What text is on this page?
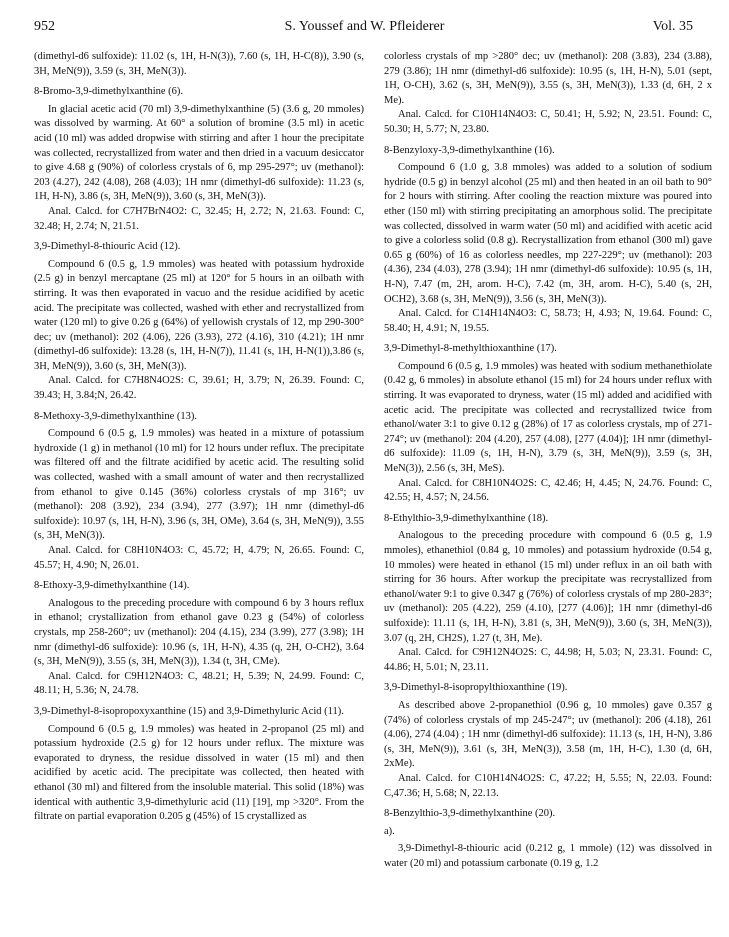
952	S. Youssef and W. Pfleiderer	Vol. 35

(dimethyl-d6 sulfoxide): 11.02 (s, 1H, H-N(3)), 7.60 (s, 1H, H-C(8)), 3.90 (s, 3H, MeN(9)), 3.59 (s, 3H, MeN(3)).

8-Bromo-3,9-dimethylxanthine (6).

In glacial acetic acid (70 ml) 3,9-dimethylxanthine (5) (3.6 g, 20 mmoles) was dissolved by warming. At 60° a solution of bromine (3.5 ml) in acetic acid (10 ml) was added dropwise with stirring and after 1 hour the precipitate was collected, recrystallized from water and then dried in a vacuum desiccator to give 4.68 g (90%) of colorless crystals of 6, mp 295-297°; uv (methanol): 203 (4.27), 242 (4.08), 268 (4.03); 1H nmr (dimethyl-d6 sulfoxide): 11.23 (s, 1H, H-N), 3.86 (s, 3H, MeN(9)), 3.60 (s, 3H, MeN(3)).

Anal. Calcd. for C7H7BrN4O2: C, 32.45; H, 2.72; N, 21.63. Found: C, 32.48; H, 2.74; N, 21.51.

3,9-Dimethyl-8-thiouric Acid (12).

Compound 6 (0.5 g, 1.9 mmoles) was heated with potassium hydroxide (2.5 g) in benzyl mercaptane (25 ml) at 120° for 5 hours in an oilbath with stirring. It was then evaporated in vacuo and the residue acidified by acetic acid. The precipitate was collected, washed with ether and recrystallized from water (120 ml) to give 0.26 g (64%) of yellowish crystals of 12, mp 290-300° dec; uv (methanol): 202 (4.06), 226 (3.93), 272 (4.16), 310 (4.21); 1H nmr (dimethyl-d6 sulfoxide): 13.28 (s, 1H, H-N(7)), 11.41 (s, 1H, H-N(1)),3.86 (s, 3H, MeN(9)), 3.60 (s, 3H, MeN(3)).

Anal. Calcd. for C7H8N4O2S: C, 39.61; H, 3.79; N, 26.39. Found: C, 39.43; H, 3.84;N, 26.42.

8-Methoxy-3,9-dimethylxanthine (13).

Compound 6 (0.5 g, 1.9 mmoles) was heated in a mixture of potassium hydroxide (1 g) in methanol (10 ml) for 12 hours under reflux. The precipitate was filtered off and the filtrate acidified by acetic acid. The resulting solid was collected, washed with a small amount of water and then recrystallized from ethanol to give 0.145 (36%) colorless crystals of mp 316°; uv (methanol): 208 (3.92), 234 (3.94), 277 (3.97); 1H nmr (dimethyl-d6 sulfoxide): 10.97 (s, 1H, H-N), 3.96 (s, 3H, OMe), 3.64 (s, 3H, MeN(9)), 3.55 (s, 3H, MeN(3)).

Anal. Calcd. for C8H10N4O3: C, 45.72; H, 4.79; N, 26.65. Found: C, 45.57; H, 4.90; N, 26.01.

8-Ethoxy-3,9-dimethylxanthine (14).

Analogous to the preceding procedure with compound 6 by 3 hours reflux in ethanol; crystallization from ethanol gave 0.23 g (54%) of colorless crystals, mp 258-260°; uv (methanol): 204 (4.15), 234 (3.99), 277 (3.98); 1H nmr (dimethyl-d6 sulfoxide): 10.96 (s, 1H, H-N), 4.35 (q, 2H, O-CH2), 3.64 (s, 3H, MeN(9)), 3.55 (s, 3H, MeN(3)), 1.34 (t, 3H, CMe).

Anal. Calcd. for C9H12N4O3: C, 48.21; H, 5.39; N, 24.99. Found: C, 48.11; H, 5.36; N, 24.78.

3,9-Dimethyl-8-isopropoxyxanthine (15) and 3,9-Dimethyluric Acid (11).

Compound 6 (0.5 g, 1.9 mmoles) was heated in 2-propanol (25 ml) and potassium hydroxide (2.5 g) for 12 hours under reflux. The mixture was evaporated to dryness, the residue dissolved in water (15 ml) and then acidified by acetic acid. The precipitate was collected, then heated with ethanol (30 ml) and filtered from the insoluble material. This solid (18%) was identical with authentic 3,9-dimethyluric acid (11) [19], mp >320°. From the filtrate on partial evaporation 0.205 g (45%) of 15 crystallized as

colorless crystals of mp >280° dec; uv (methanol): 208 (3.83), 234 (3.88), 279 (3.86); 1H nmr (dimethyl-d6 sulfoxide): 10.95 (s, 1H, H-N), 5.01 (sept, 1H, O-CH), 3.62 (s, 3H, MeN(9)), 3.55 (s, 3H, MeN(3)), 1.33 (d, 6H, 2 x Me).

Anal. Calcd. for C10H14N4O3: C, 50.41; H, 5.92; N, 23.51. Found: C, 50.30; H, 5.77; N, 23.80.

8-Benzyloxy-3,9-dimethylxanthine (16).

Compound 6 (1.0 g, 3.8 mmoles) was added to a solution of sodium hydride (0.5 g) in benzyl alcohol (25 ml) and then heated in an oil bath to 90° for 2 hours with stirring. After cooling the reaction mixture was poured into ether (150 ml) with stirring precipitating an amorphous solid. The precipitate was collected, dissolved in warm water (50 ml) and acidified with acetic acid to give a colorless solid (0.8 g). Recrystallization from ethanol (300 ml) gave 0.65 g (60%) of 16 as colorless needles, mp 227-229°; uv (methanol): 203 (4.36), 234 (4.03), 278 (3.94); 1H nmr (dimethyl-d6 sulfoxide): 10.95 (s, 1H, H-N), 7.47 (m, 2H, arom. H-C), 7.42 (m, 3H, arom. H-C), 5.40 (s, 2H, OCH2), 3.68 (s, 3H, MeN(9)), 3.56 (s, 3H, MeN(3)).

Anal. Calcd. for C14H14N4O3: C, 58.73; H, 4.93; N, 19.64. Found: C, 58.40; H, 4.91; N, 19.55.

3,9-Dimethyl-8-methylthioxanthine (17).

Compound 6 (0.5 g, 1.9 mmoles) was heated with sodium methanethiolate (0.42 g, 6 mmoles) in absolute ethanol (15 ml) for 24 hours under reflux with stirring. It was evaporated to dryness, water (15 ml) added and acidified with acetic acid. The precipitate was collected and recrystallized twice from ethanol/water 3:1 to give 0.12 g (28%) of 17 as colorless crystals, mp of 271-274°; uv (methanol): 204 (4.20), 257 (4.08), [277 (4.04)]; 1H nmr (dimethyl-d6 sulfoxide): 11.09 (s, 1H, H-N), 3.79 (s, 3H, MeN(9)), 3.59 (s, 3H, MeN(3)), 2.56 (s, 3H, MeS).

Anal. Calcd. for C8H10N4O2S: C, 42.46; H, 4.45; N, 24.76. Found: C, 42.55; H, 4.57; N, 24.56.

8-Ethylthio-3,9-dimethylxanthine (18).

Analogous to the preceding procedure with compound 6 (0.5 g, 1.9 mmoles), ethanethiol (0.84 g, 10 mmoles) and potassium hydroxide (0.54 g, 10 mmoles) were heated in ethanol (15 ml) under reflux in an oil bath with stirring for 36 hours. After workup the precipitate was recrystallized from ethanol/water 9:1 to give 0.347 g (76%) of colorless crystals of mp 280-283°; uv (methanol): 205 (4.22), 259 (4.10), [277 (4.06)]; 1H nmr (dimethyl-d6 sulfoxide): 11.11 (s, 1H, H-N), 3.81 (s, 3H, MeN(9)), 3.60 (s, 3H, MeN(3)), 3.07 (q, 2H, CH2S), 1.27 (t, 3H, Me).

Anal. Calcd. for C9H12N4O2S: C, 44.98; H, 5.03; N, 23.31. Found: C, 44.86; H, 5.01; N, 23.11.

3,9-Dimethyl-8-isopropylthioxanthine (19).

As described above 2-propanethiol (0.96 g, 10 mmoles) gave 0.357 g (74%) of colorless crystals of mp 245-247°; uv (methanol): 206 (4.18), 261 (4.06), 274 (4.04) ; 1H nmr (dimethyl-d6 sulfoxide): 11.13 (s, 1H, H-N), 3.86 (s, 3H, MeN(9)), 3.61 (s, 3H, MeN(3)), 3.58 (m, 1H, H-C), 1.30 (d, 6H, 2xMe).

Anal. Calcd. for C10H14N4O2S: C, 47.22; H, 5.55; N, 22.03. Found: C,47.36; H, 5.68; N, 22.13.

8-Benzylthio-3,9-dimethylxanthine (20).

a).

3,9-Dimethyl-8-thiouric acid (0.212 g, 1 mmole) (12) was dissolved in water (20 ml) and potassium carbonate (0.19 g, 1.2
